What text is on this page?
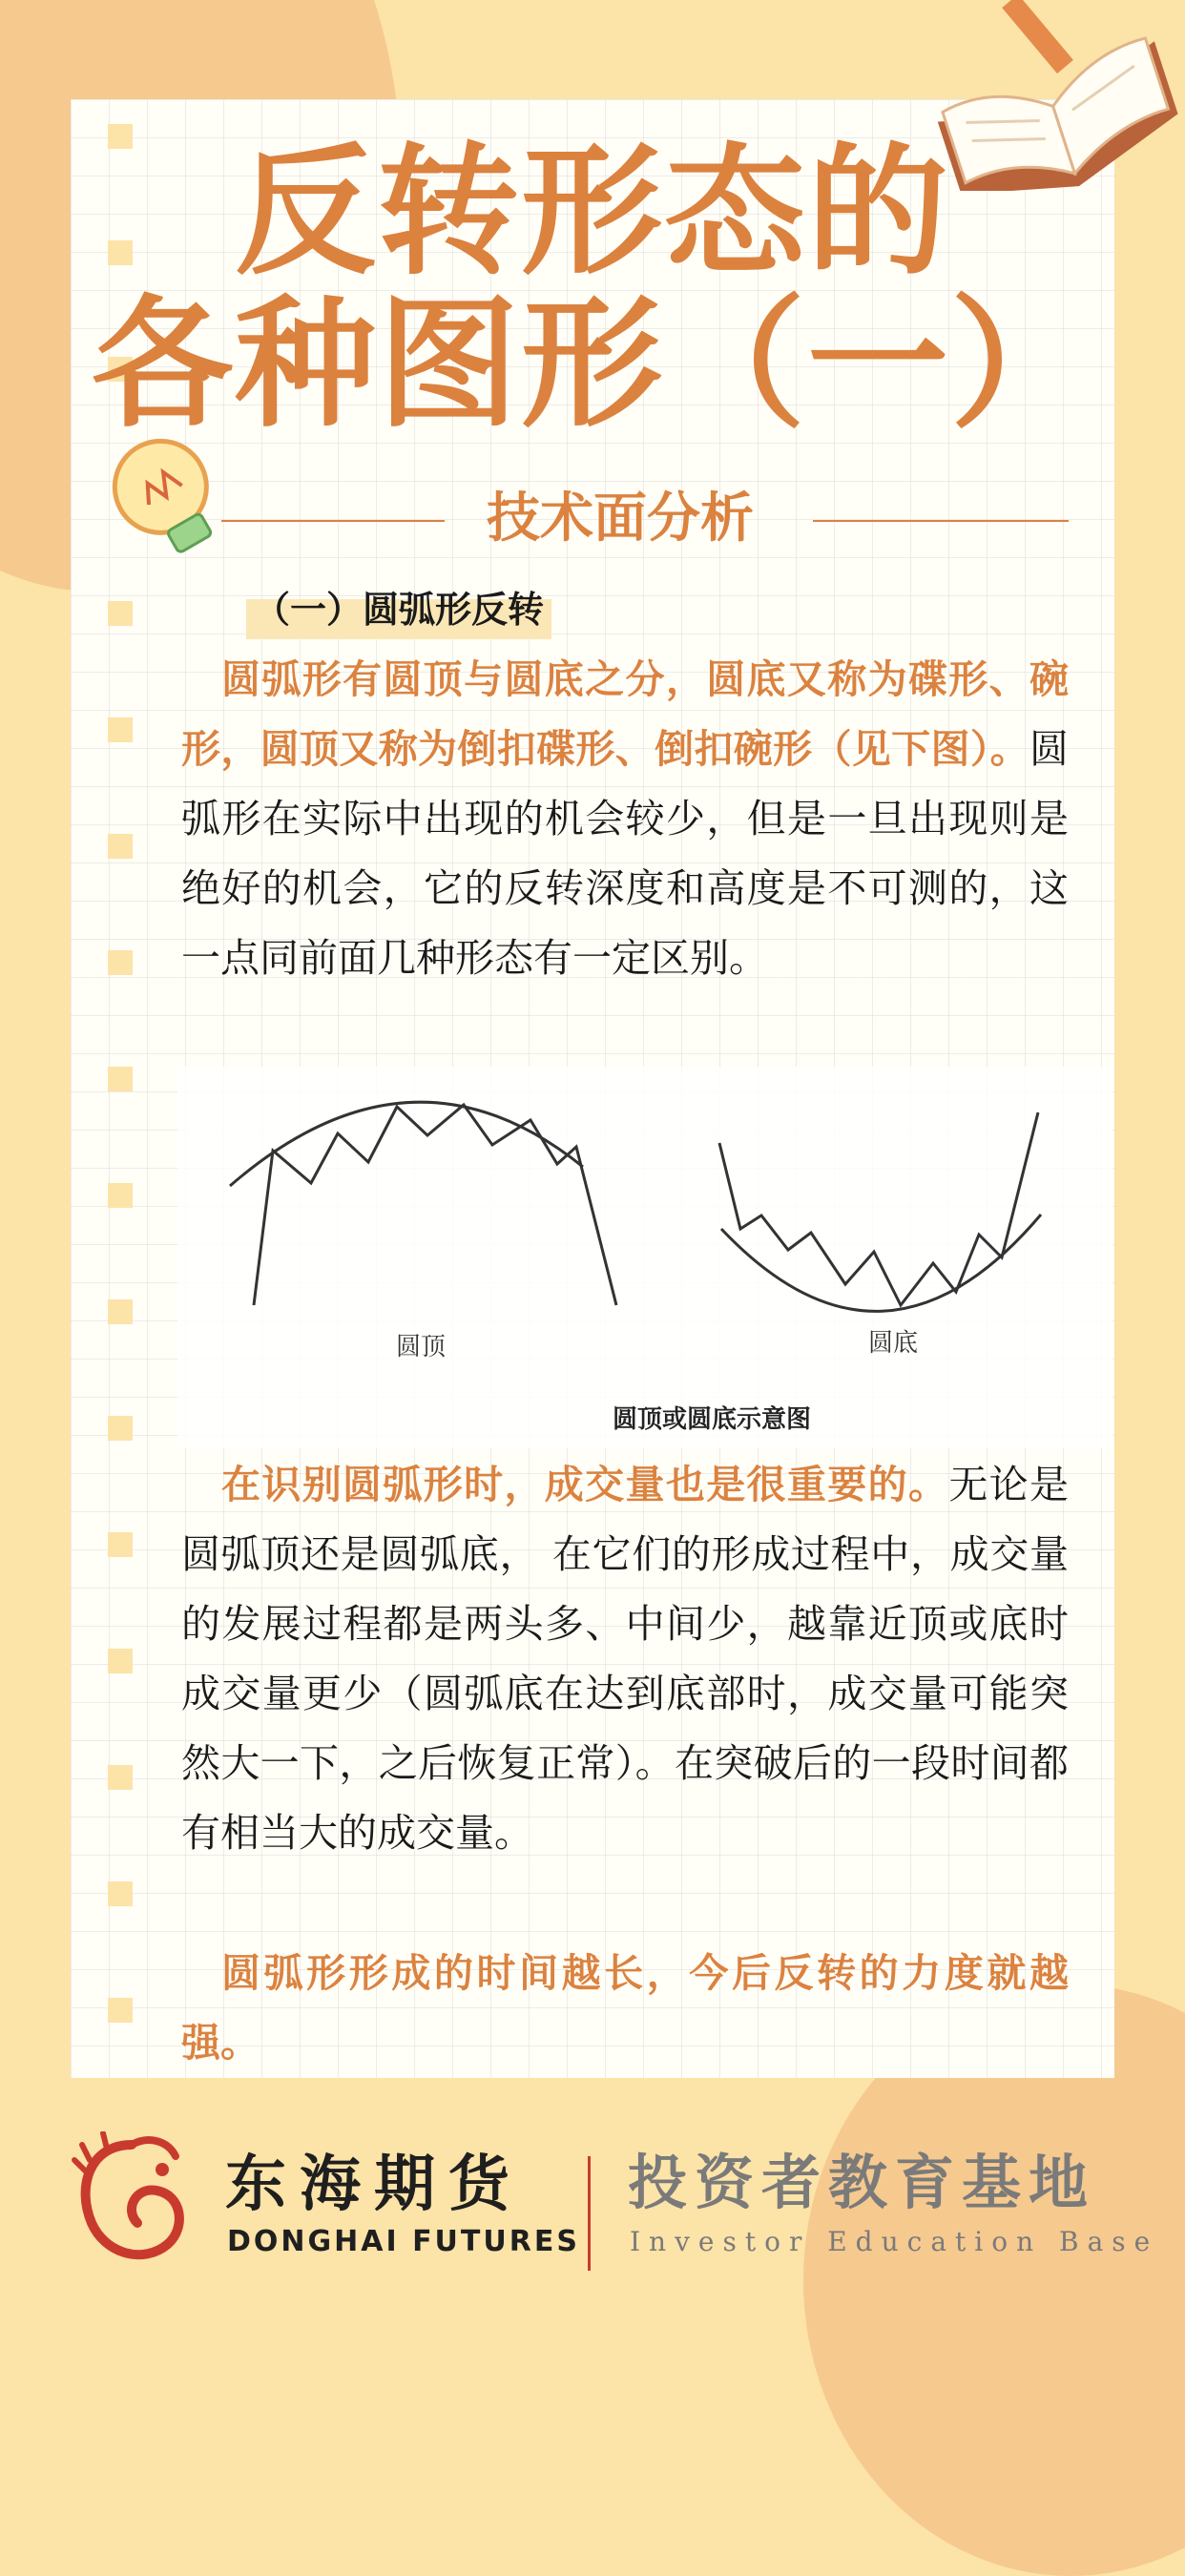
反转形态的
各种图形（一）
技术面分析
（一）圆弧形反转
圆弧形有圆顶与圆底之分，圆底又称为碟形、碗形，圆顶又称为倒扣碟形、倒扣碗形（见下图）。圆弧形在实际中出现的机会较少，但是一旦出现则是绝好的机会，它的反转深度和高度是不可测的，这一点同前面几种形态有一定区别。
圆顶	圆底
圆顶或圆底示意图
在识别圆弧形时，成交量也是很重要的。无论是圆弧顶还是圆弧底， 在它们的形成过程中，成交量的发展过程都是两头多、中间少，越靠近顶或底时成交量更少（圆弧底在达到底部时，成交量可能突然大一下，之后恢复正常）。在突破后的一段时间都有相当大的成交量。
圆弧形形成的时间越长，今后反转的力度就越强。
东海期货
DONGHAI FUTURES
投资者教育基地
Investor Education Base
